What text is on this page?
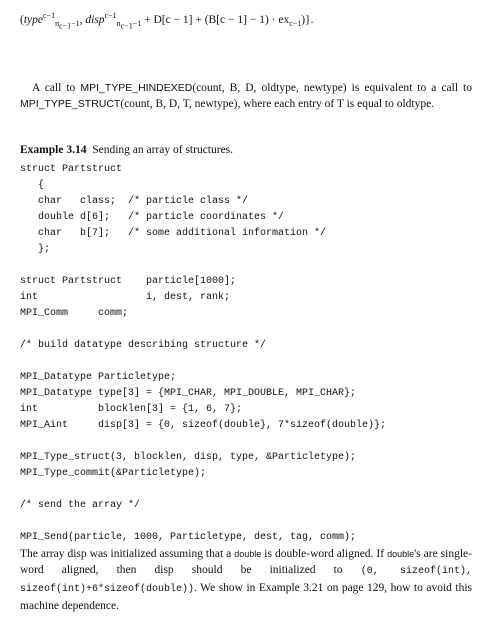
(type$^{c-1}_{n_{c-1}-1}$, disp$^{c-1}_{n_{c-1}-1}$ + $D[c - 1] + (B[c - 1] - 1) \cdot ex_{c-1}$)}.
A call to MPI_TYPE_HINDEXED(count, B, D, oldtype, newtype) is equivalent to a call to MPI_TYPE_STRUCT(count, B, D, T, newtype), where each entry of T is equal to oldtype.
Example 3.14 Sending an array of structures.
struct Partstruct
{
char   class;  /* particle class */
double d[6];   /* particle coordinates */
char   b[7];   /* some additional information */
};
struct Partstruct    particle[1000];
int                  i, dest, rank;
MPI_Comm     comm;
/* build datatype describing structure */
MPI_Datatype Particletype;
MPI_Datatype type[3] = {MPI_CHAR, MPI_DOUBLE, MPI_CHAR};
int          blocklen[3] = {1, 6, 7};
MPI_Aint     disp[3] = {0, sizeof(double}, 7*sizeof(double)};
MPI_Type_struct(3, blocklen, disp, type, &Particletype);
MPI_Type_commit(&Particletype);
/* send the array */
MPI_Send(particle, 1000, Particletype, dest, tag, comm);
The array disp was initialized assuming that a double is double-word aligned. If double's are single-word aligned, then disp should be initialized to (0, sizeof(int), sizeof(int)+6*sizeof(double)). We show in Example 3.21 on page 129, how to avoid this machine dependence.
